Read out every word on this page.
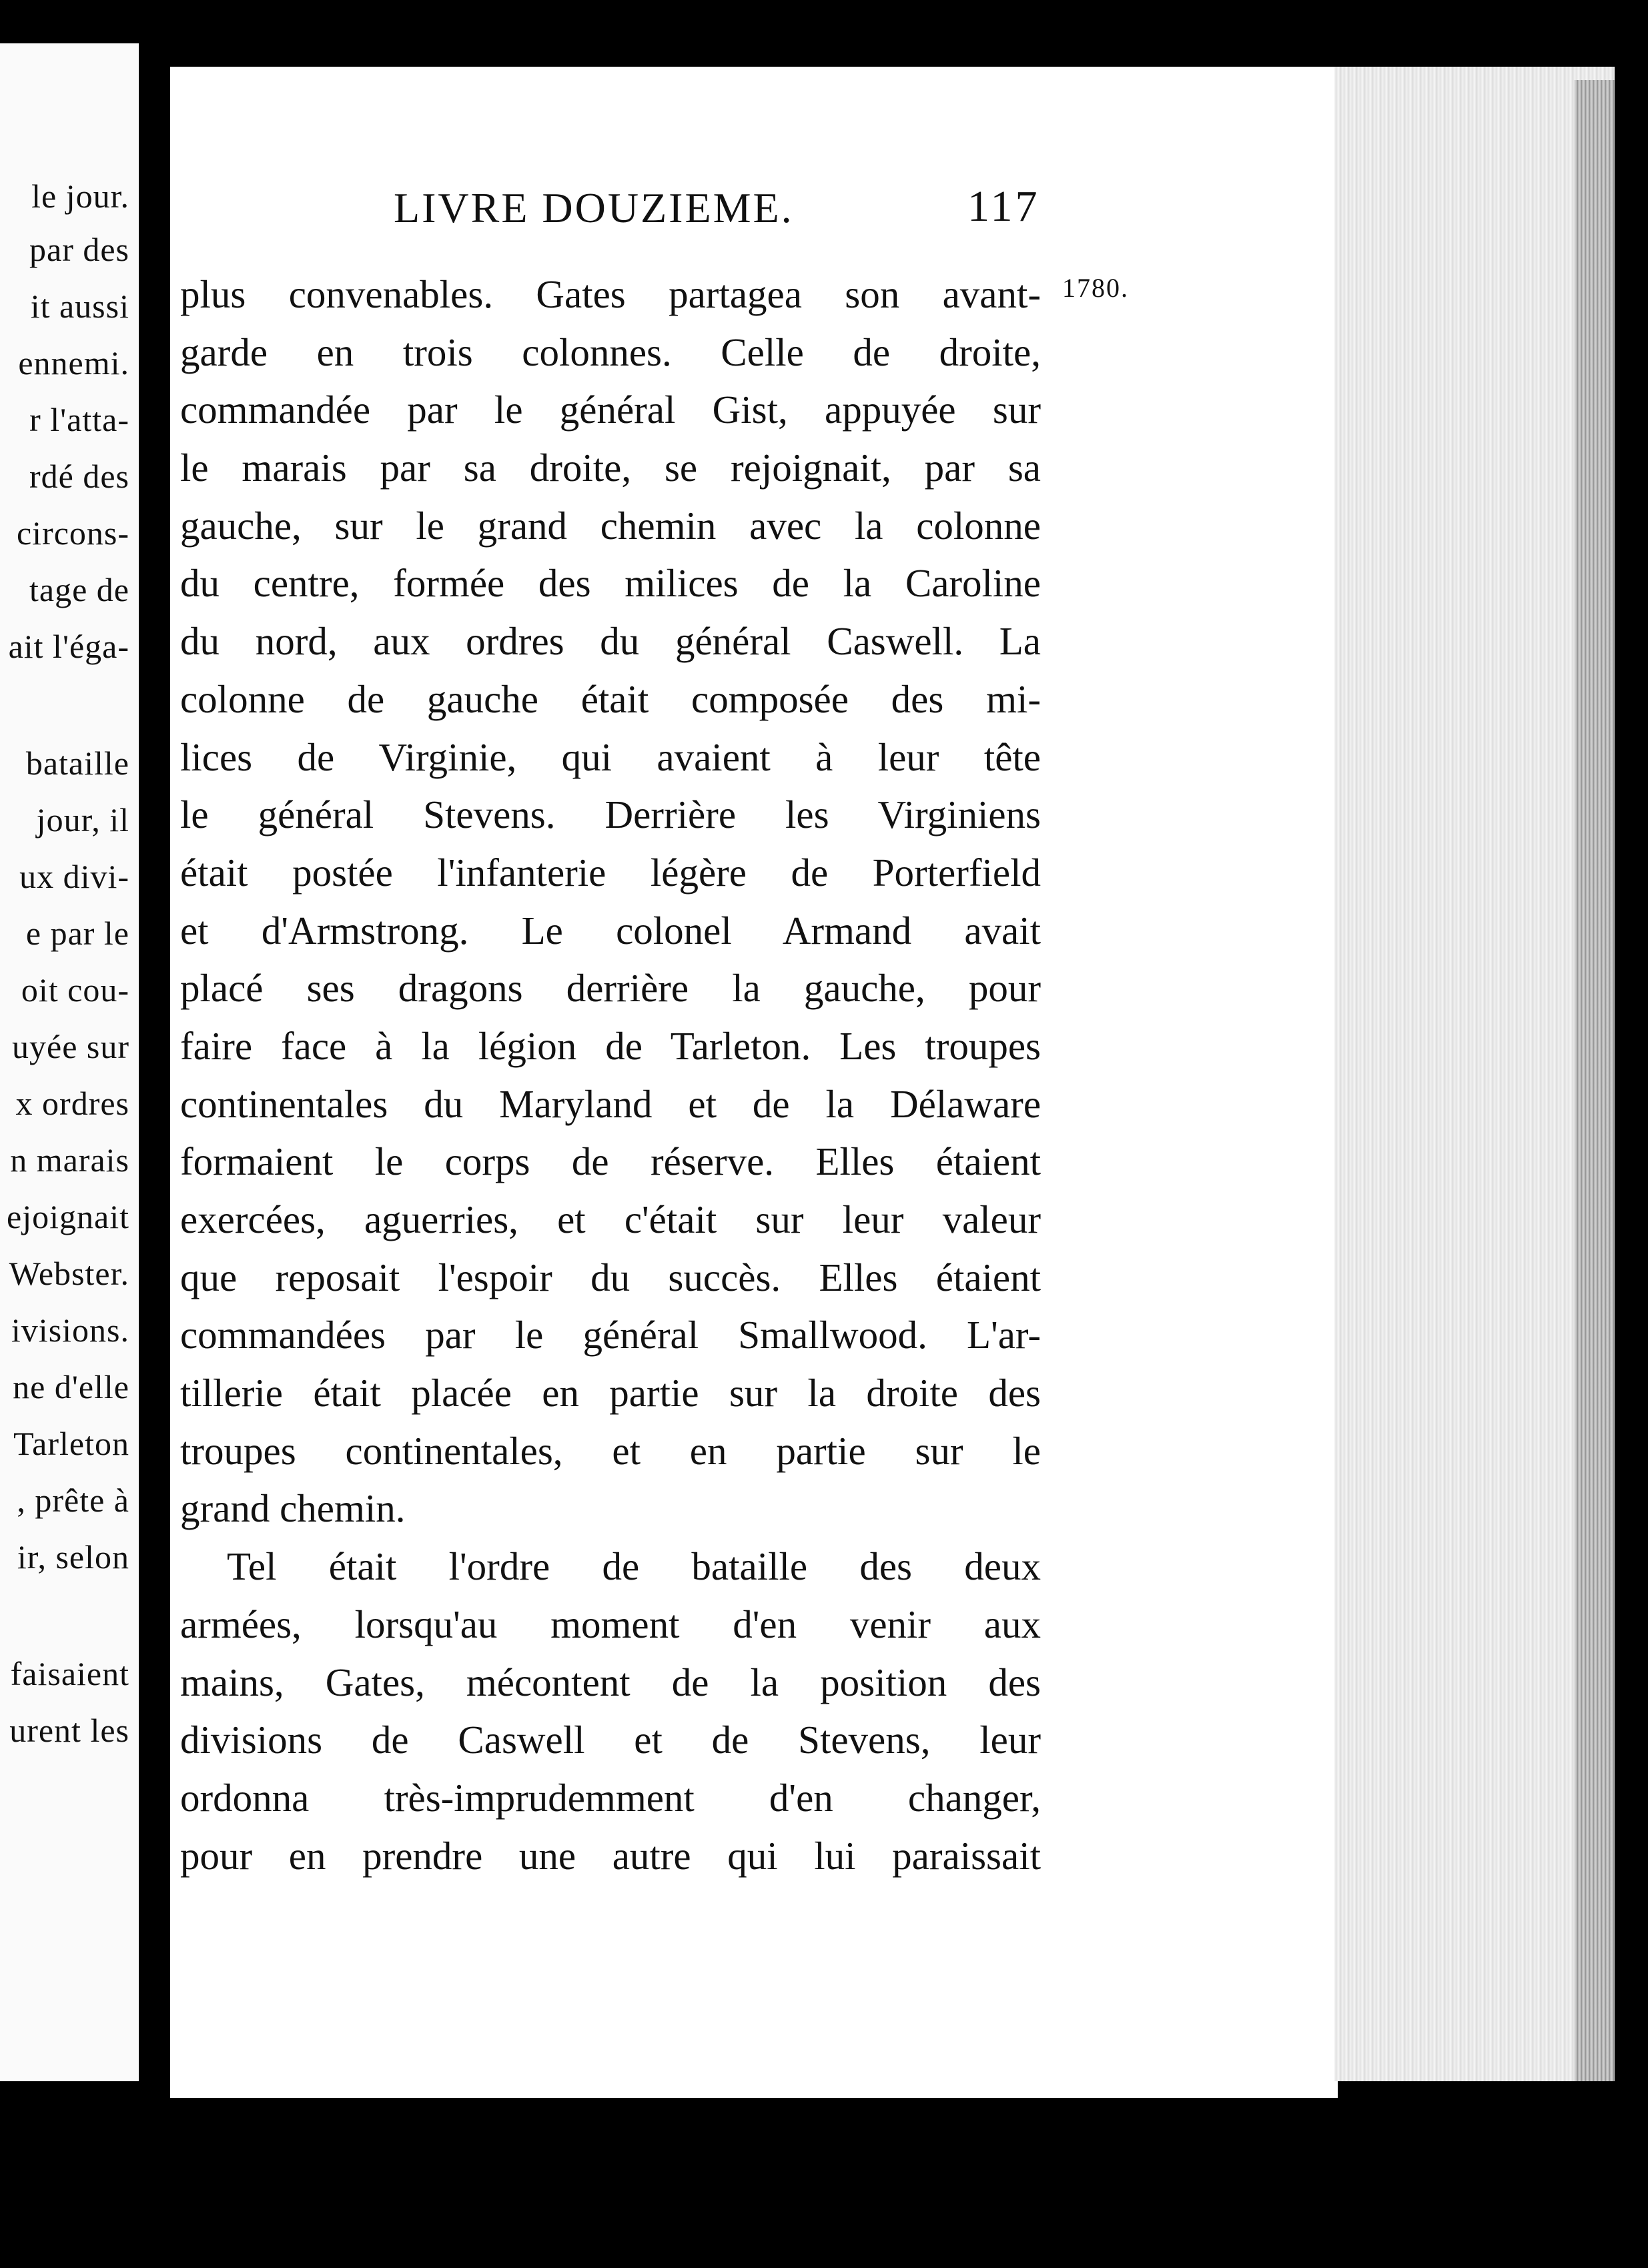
le jour.
par des
it aussi
ennemi.
r l'atta-
rdé des
circons-
tage de
ait l'éga-
bataille
jour, il
ux divi-
e par le
oit cou-
uyée sur
x ordres
n marais
ejoignait
Webster.
ivisions.
ne d'elle
Tarleton
, prête à
ir, selon
faisaient
urent les
LIVRE DOUZIEME.	117
1780.
plus convenables. Gates partagea son avant-
garde en trois colonnes. Celle de droite,
commandée par le général Gist, appuyée sur
le marais par sa droite, se rejoignait, par sa
gauche, sur le grand chemin avec la colonne
du centre, formée des milices de la Caroline
du nord, aux ordres du général Caswell. La
colonne de gauche était composée des mi-
lices de Virginie, qui avaient à leur tête
le général Stevens. Derrière les Virginiens
était postée l'infanterie légère de Porterfield
et d'Armstrong. Le colonel Armand avait
placé ses dragons derrière la gauche, pour
faire face à la légion de Tarleton. Les troupes
continentales du Maryland et de la Délaware
formaient le corps de réserve. Elles étaient
exercées, aguerries, et c'était sur leur valeur
que reposait l'espoir du succès. Elles étaient
commandées par le général Smallwood. L'ar-
tillerie était placée en partie sur la droite des
troupes continentales, et en partie sur le
grand chemin.
Tel était l'ordre de bataille des deux
armées, lorsqu'au moment d'en venir aux
mains, Gates, mécontent de la position des
divisions de Caswell et de Stevens, leur
ordonna très-imprudemment d'en changer,
pour en prendre une autre qui lui paraissait
